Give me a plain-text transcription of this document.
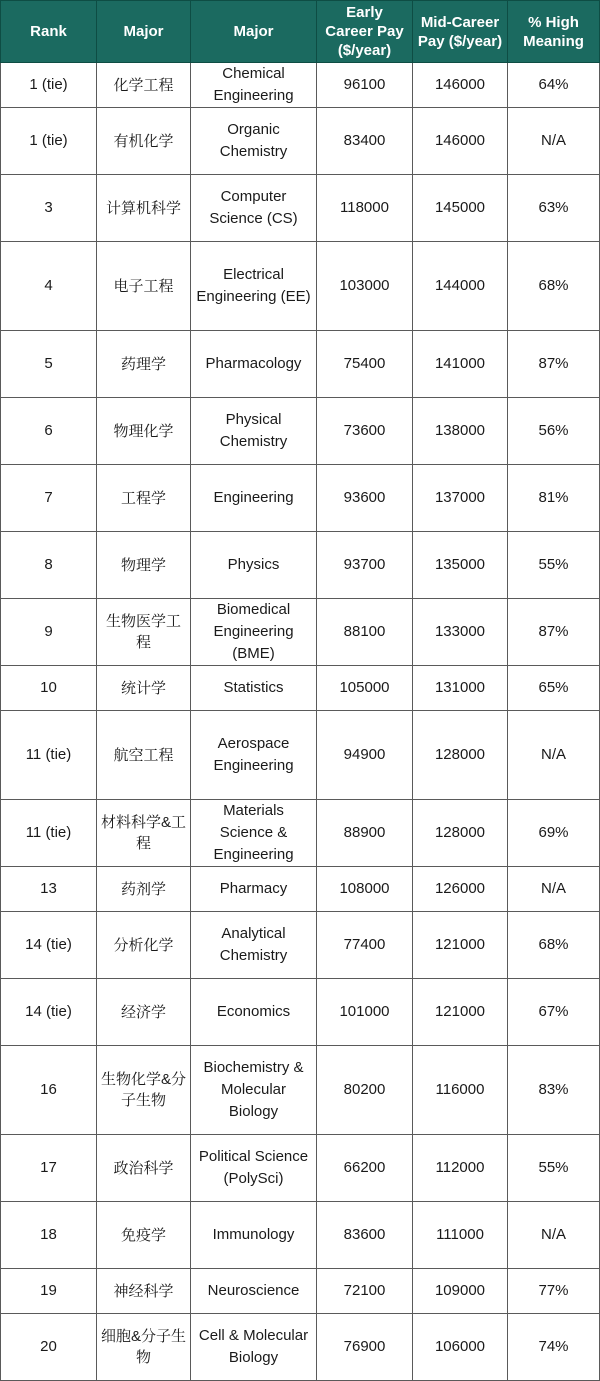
Rank	Major	Major	Early Career Pay ($/year)	Mid-Career Pay ($/year)	% High Meaning
1 (tie)	化学工程	Chemical Engineering	96100	146000	64%
1 (tie)	有机化学	Organic Chemistry	83400	146000	N/A
3	计算机科学	Computer Science (CS)	118000	145000	63%
4	电子工程	Electrical Engineering (EE)	103000	144000	68%
5	药理学	Pharmacology	75400	141000	87%
6	物理化学	Physical Chemistry	73600	138000	56%
7	工程学	Engineering	93600	137000	81%
8	物理学	Physics	93700	135000	55%
9	生物医学工程	Biomedical Engineering (BME)	88100	133000	87%
10	统计学	Statistics	105000	131000	65%
11 (tie)	航空工程	Aerospace Engineering	94900	128000	N/A
11 (tie)	材料科学&工程	Materials Science & Engineering	88900	128000	69%
13	药剂学	Pharmacy	108000	126000	N/A
14 (tie)	分析化学	Analytical Chemistry	77400	121000	68%
14 (tie)	经济学	Economics	101000	121000	67%
16	生物化学&分子生物	Biochemistry & Molecular Biology	80200	116000	83%
17	政治科学	Political Science (PolySci)	66200	112000	55%
18	免疫学	Immunology	83600	111000	N/A
19	神经科学	Neuroscience	72100	109000	77%
20	细胞&分子生物	Cell & Molecular Biology	76900	106000	74%
